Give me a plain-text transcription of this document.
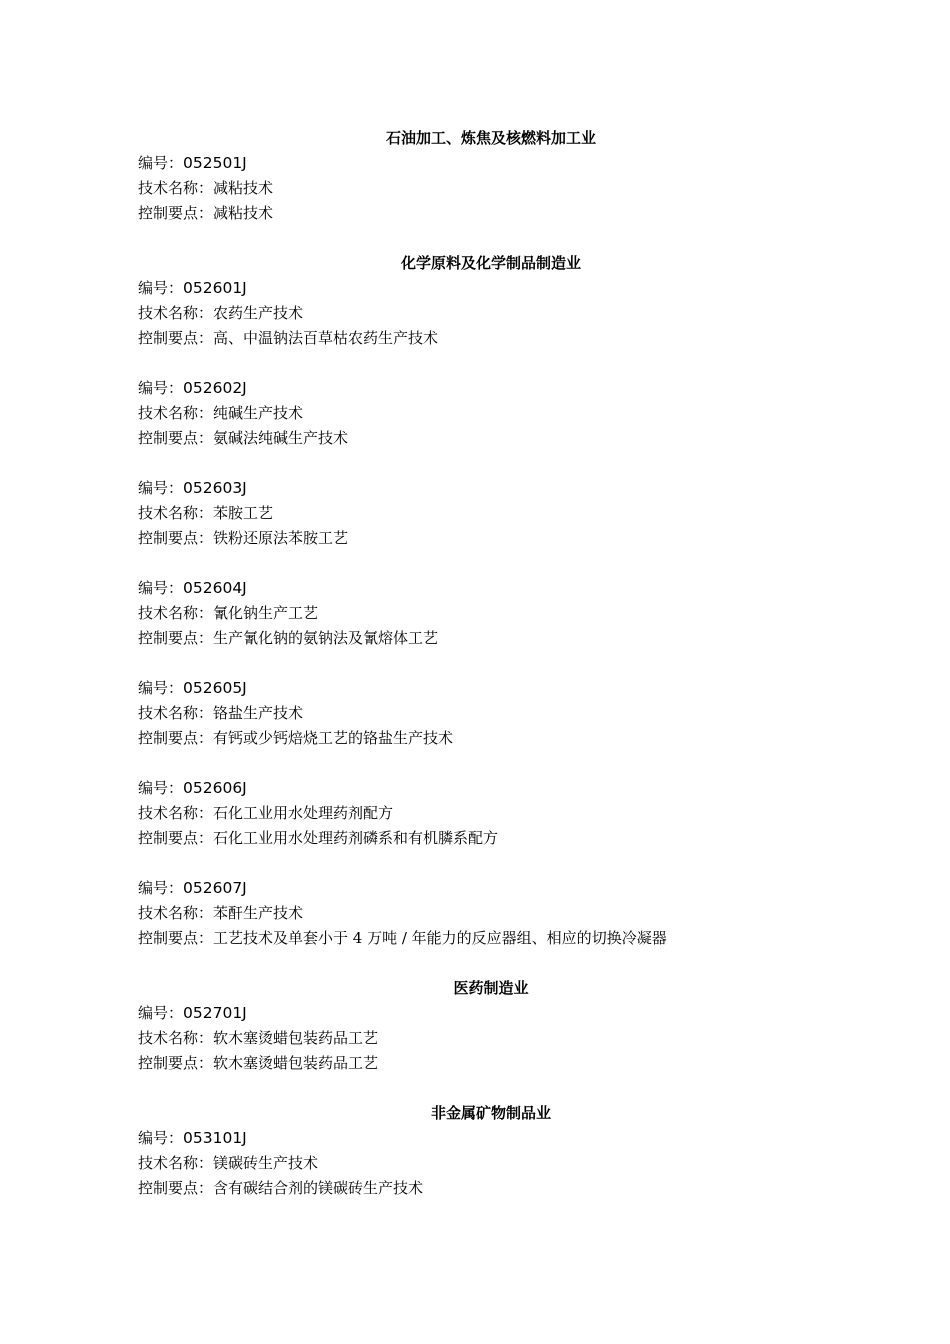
石油加工、炼焦及核燃料加工业
编号：052501J
技术名称：减粘技术
控制要点：减粘技术
化学原料及化学制品制造业
编号：052601J
技术名称：农药生产技术
控制要点：高、中温钠法百草枯农药生产技术
编号：052602J
技术名称：纯碱生产技术
控制要点：氨碱法纯碱生产技术
编号：052603J
技术名称：苯胺工艺
控制要点：铁粉还原法苯胺工艺
编号：052604J
技术名称：氰化钠生产工艺
控制要点：生产氰化钠的氨钠法及氰熔体工艺
编号：052605J
技术名称：铬盐生产技术
控制要点：有钙或少钙焙烧工艺的铬盐生产技术
编号：052606J
技术名称：石化工业用水处理药剂配方
控制要点：石化工业用水处理药剂磷系和有机膦系配方
编号：052607J
技术名称：苯酐生产技术
控制要点：工艺技术及单套小于 4 万吨 / 年能力的反应器组、相应的切换冷凝器
医药制造业
编号：052701J
技术名称：软木塞烫蜡包装药品工艺
控制要点：软木塞烫蜡包装药品工艺
非金属矿物制品业
编号：053101J
技术名称：镁碳砖生产技术
控制要点：含有碳结合剂的镁碳砖生产技术
